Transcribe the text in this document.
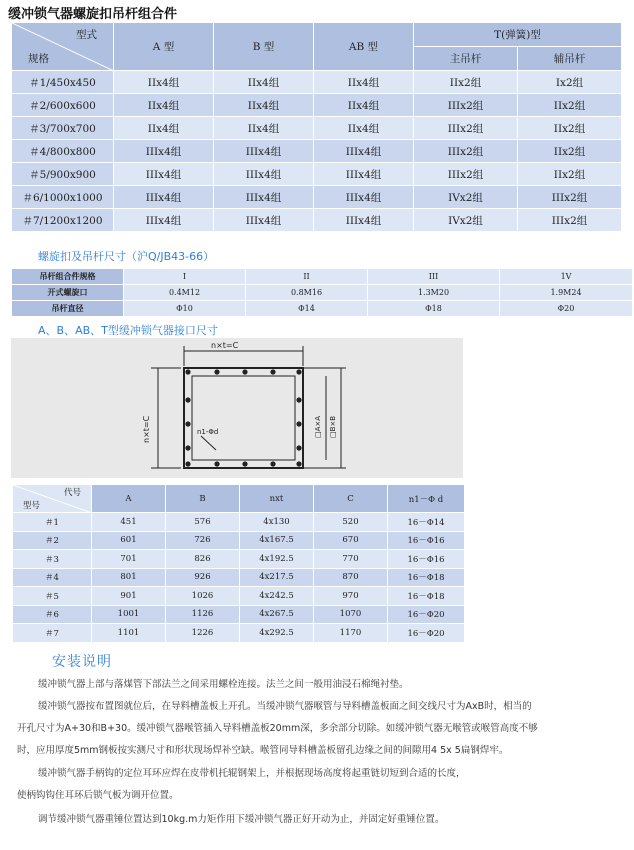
缓冲锁气器螺旋扣吊杆组合件
型式
规格	A 型	B 型	AB 型	T(弹簧)型	
				主吊杆	辅吊杆
＃1/450x450	IIx4组	IIx4组	IIx4组	IIx2组	Ix2组
＃2/600x600	IIx4组	IIx4组	IIx4组	IIIx2组	IIx2组
＃3/700x700	IIx4组	IIx4组	IIx4组	IIIx2组	IIx2组
＃4/800x800	IIIx4组	IIIx4组	IIIx4组	IIIx2组	IIx2组
＃5/900x900	IIIx4组	IIIx4组	IIIx4组	IIIx2组	IIx2组
＃6/1000x1000	IIIx4组	IIIx4组	IIIx4组	IVx2组	IIIx2组
＃7/1200x1200	IIIx4组	IIIx4组	IIIx4组	IVx2组	IIIx2组
螺旋扣及吊杆尺寸（沪Q/JB43-66）
吊杆组合件规格	I	II	III	1V
开式螺旋口	0.4M12	0.8M16	1.3M20	1.9M24
吊杆直径	Φ10	Φ14	Φ18	Φ20
A、B、AB、T型缓冲锁气器接口尺寸
n×t=C
n×t=C	□A×A □B×B
n1-Φd
代号
型号	A	B	nxt	C	n1－Φ d
＃1	451	576	4x130	520	16－Φ14
＃2	601	726	4x167.5	670	16－Φ16
＃3	701	826	4x192.5	770	16－Φ16
＃4	801	926	4x217.5	870	16－Φ18
＃5	901	1026	4x242.5	970	16－Φ18
＃6	1001	1126	4x267.5	1070	16－Φ20
＃7	1101	1226	4x292.5	1170	16－Φ20
安装说明
缓冲锁气器上部与落煤管下部法兰之间采用螺栓连接。法兰之间一般用油浸石棉绳衬垫。
缓冲锁气器按布置图就位后，在导料槽盖板上开孔。当缓冲锁气器喉管与导料槽盖板面之间交线尺寸为AxB时，相当的
开孔尺寸为A+30和B+30。缓冲锁气器喉管插入导料槽盖板20mm深，多余部分切除。如缓冲锁气器无喉管或喉管高度不够
时，应用厚度5mm钢板按实测尺寸和形状现场焊补空缺。喉管同导料槽盖板留孔边缘之间的间隙用4 5x 5扁钢焊牢。
缓冲锁气器手柄钩的定位耳环应焊在皮带机托辊钢架上，并根据现场高度将起重链切短到合适的长度，
使柄钩钩住耳环后锁气板为调开位置。
调节缓冲锁气器重锤位置达到10kg.m力矩作用下缓冲锁气器正好开动为止，并固定好重锤位置。
